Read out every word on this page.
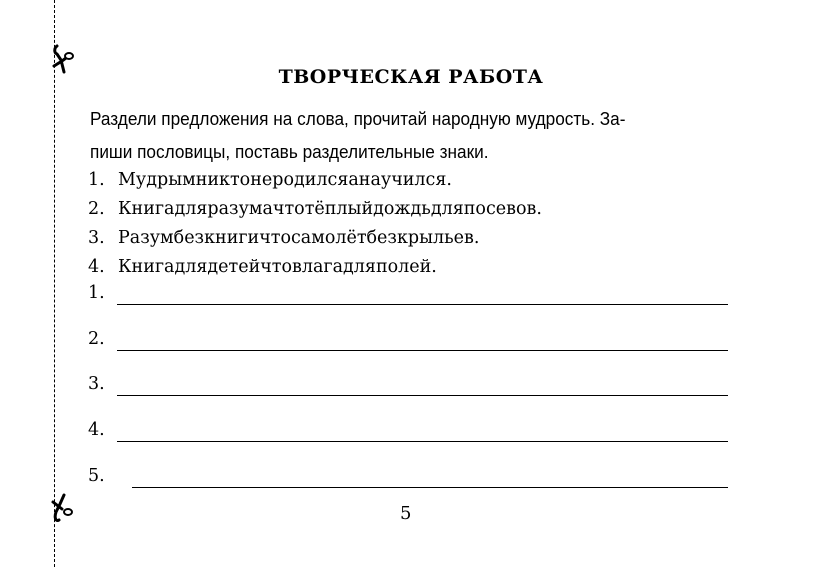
ТВОРЧЕСКАЯ РАБОТА
Раздели предложения на слова, прочитай народную мудрость. За-
пиши пословицы, поставь разделительные знаки.
1. Мудрымниктонеродилсяанаучился.
2. Книгадляразумачтотёплыйдождьдляпосевов.
3. Разумбезкнигичтосамолётбезкрыльев.
4. Книгадлядетейчтовлагадляполей.
1.
2.
3.
4.
5.
5
